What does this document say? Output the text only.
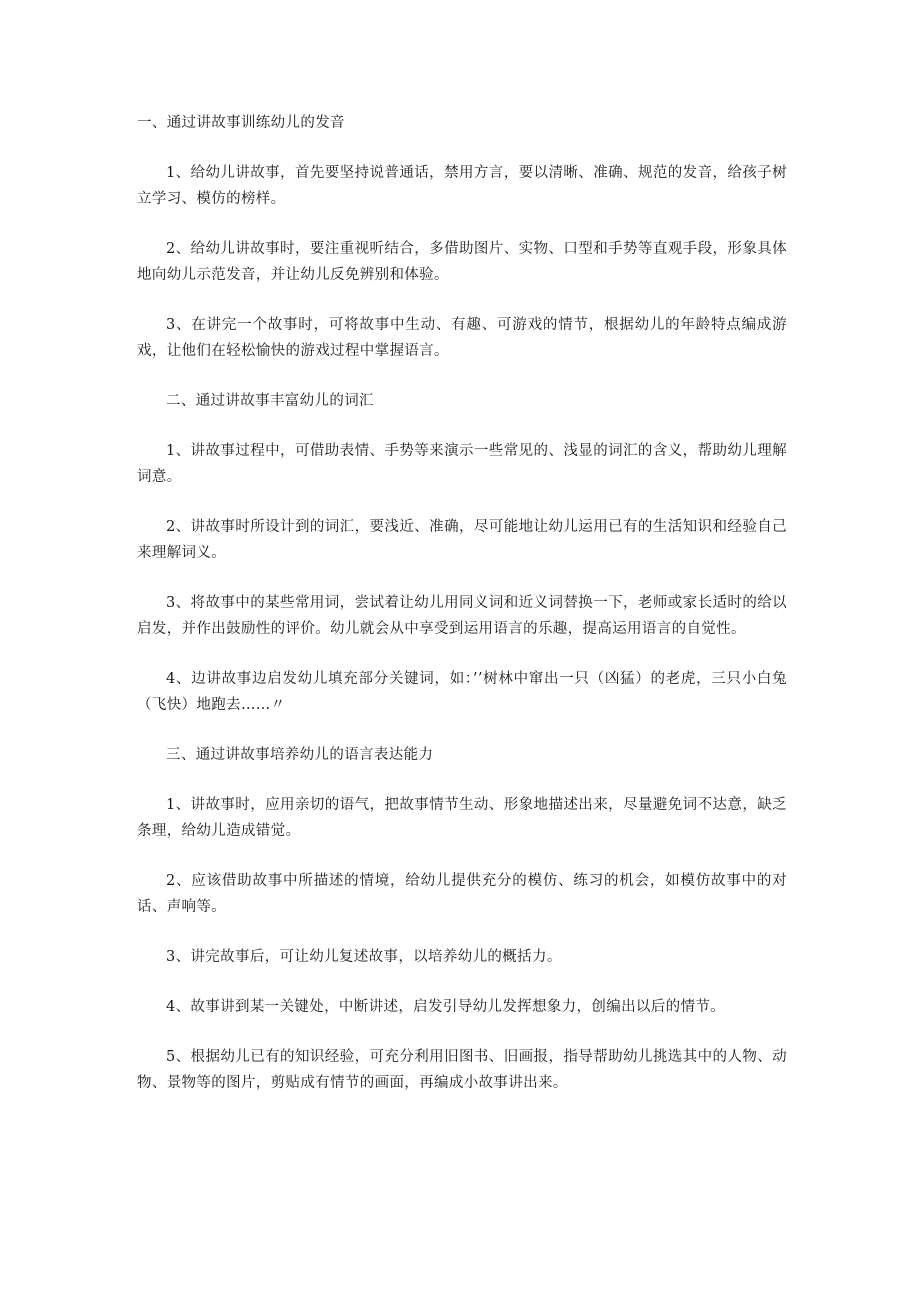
一、通过讲故事训练幼儿的发音

1、给幼儿讲故事，首先要坚持说普通话，禁用方言，要以清晰、准确、规范的发音，给孩子树立学习、模仿的榜样。

2、给幼儿讲故事时，要注重视听结合，多借助图片、实物、口型和手势等直观手段，形象具体地向幼儿示范发音，并让幼儿反免辨别和体验。

3、在讲完一个故事时，可将故事中生动、有趣、可游戏的情节，根据幼儿的年龄特点编成游戏，让他们在轻松愉快的游戏过程中掌握语言。

二、通过讲故事丰富幼儿的词汇

1、讲故事过程中，可借助表情、手势等来演示一些常见的、浅显的词汇的含义，帮助幼儿理解词意。

2、讲故事时所设计到的词汇，要浅近、准确，尽可能地让幼儿运用已有的生活知识和经验自己来理解词义。

3、将故事中的某些常用词，尝试着让幼儿用同义词和近义词替换一下，老师或家长适时的给以启发，并作出鼓励性的评价。幼儿就会从中享受到运用语言的乐趣，提高运用语言的自觉性。

4、边讲故事边启发幼儿填充部分关键词，如：’’树林中窜出一只（凶猛）的老虎，三只小白兔（飞快）地跑去……〃

三、通过讲故事培养幼儿的语言表达能力

1、讲故事时，应用亲切的语气，把故事情节生动、形象地描述出来，尽量避免词不达意，缺乏条理，给幼儿造成错觉。

2、应该借助故事中所描述的情境，给幼儿提供充分的模仿、练习的机会，如模仿故事中的对话、声响等。

3、讲完故事后，可让幼儿复述故事，以培养幼儿的概括力。

4、故事讲到某一关键处，中断讲述，启发引导幼儿发挥想象力，创编出以后的情节。

5、根据幼儿已有的知识经验，可充分利用旧图书、旧画报，指导帮助幼儿挑选其中的人物、动物、景物等的图片，剪贴成有情节的画面，再编成小故事讲出来。
